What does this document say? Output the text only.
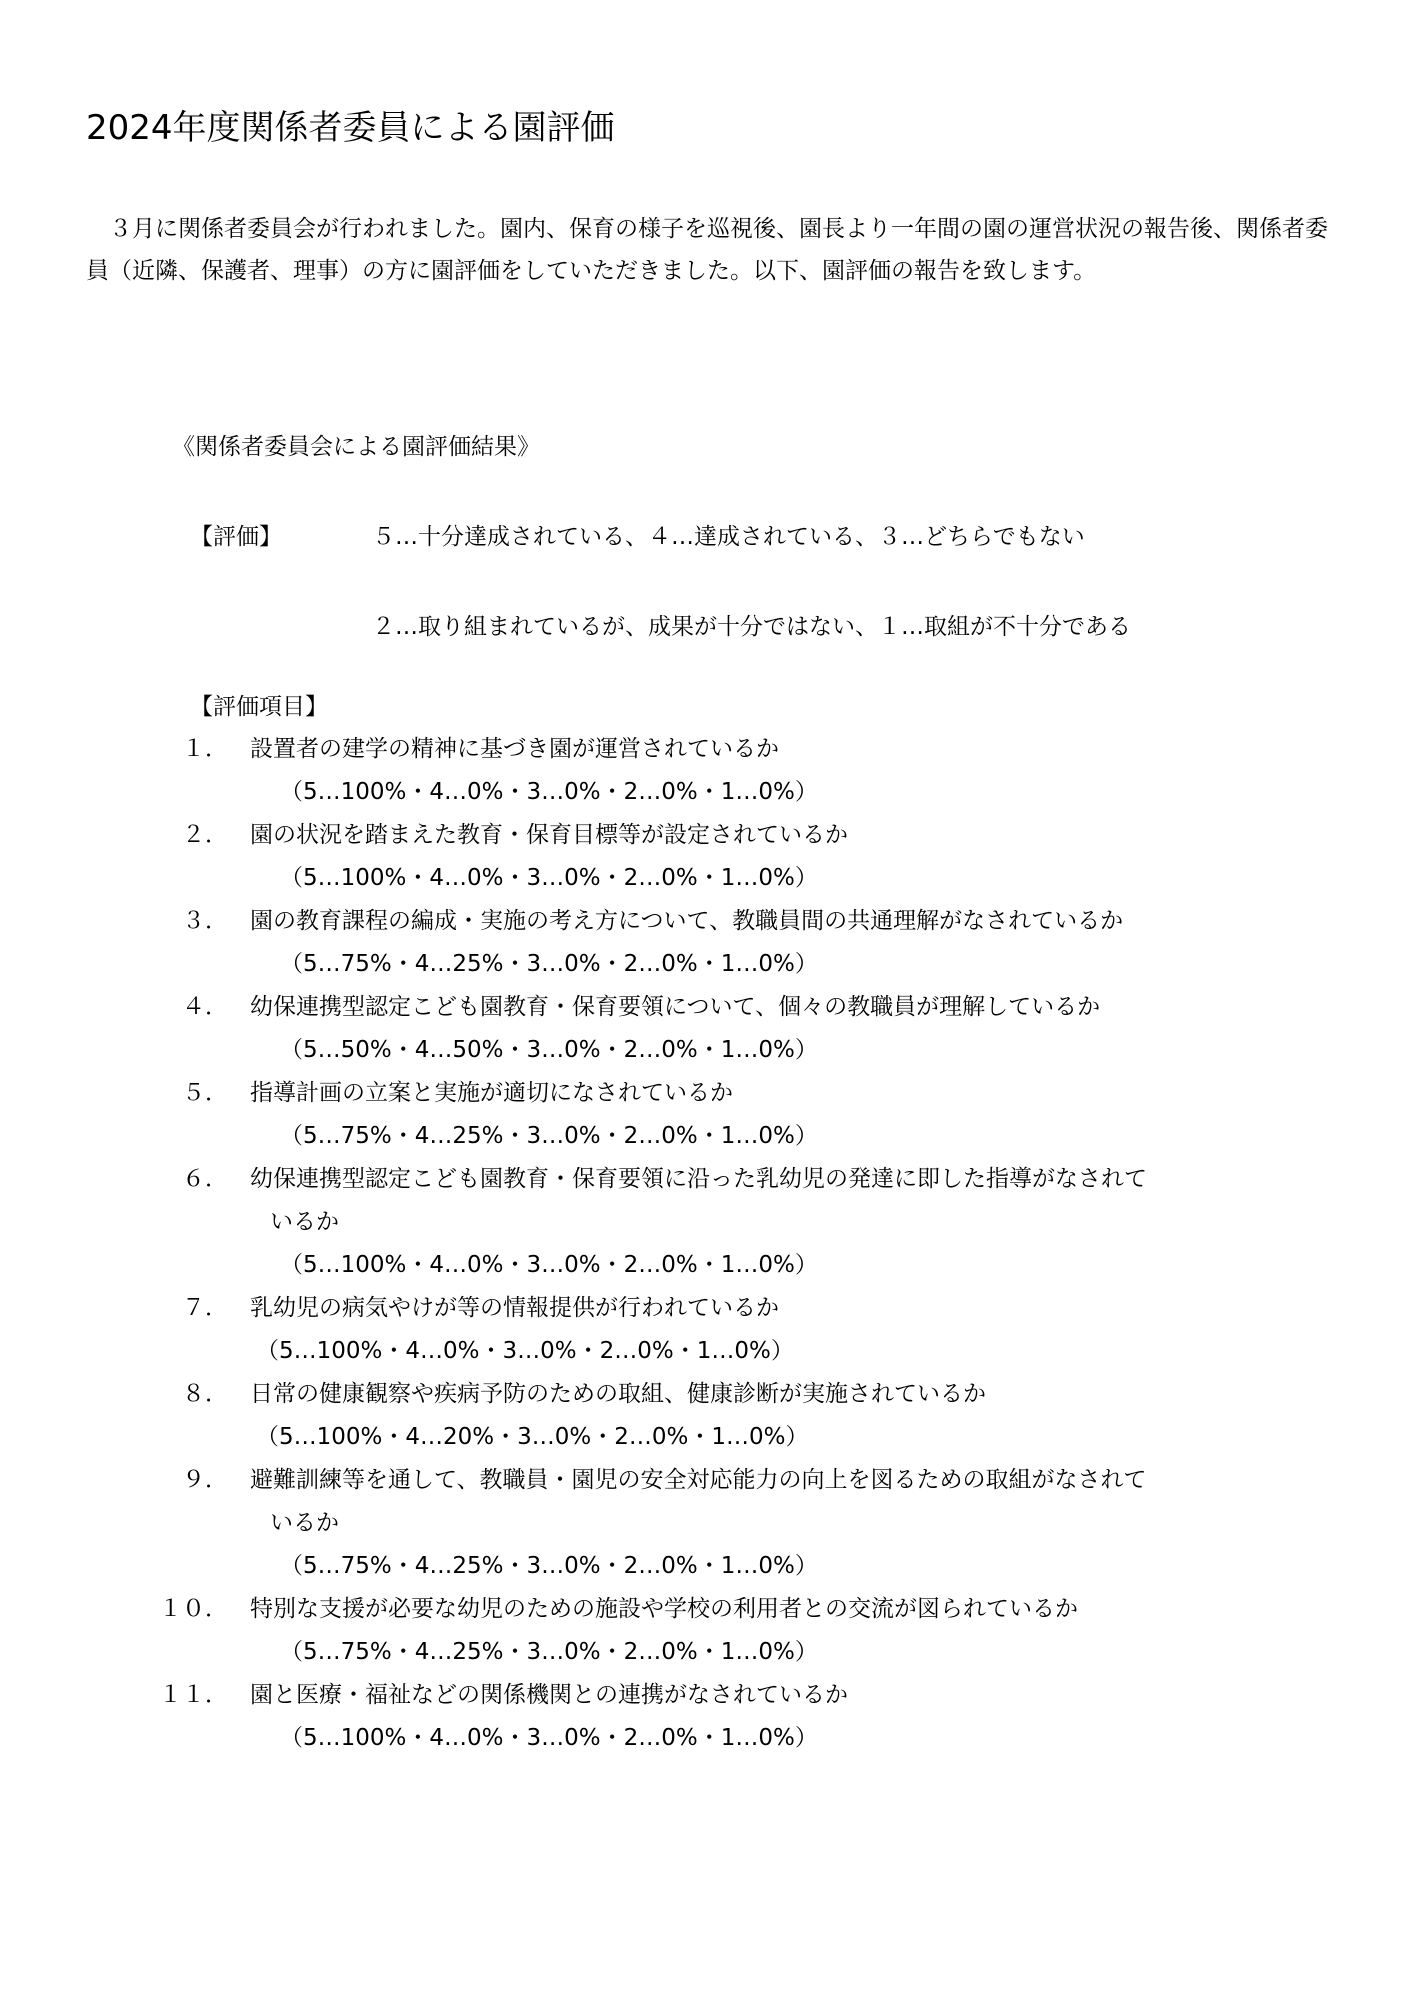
2024年度関係者委員による園評価
３月に関係者委員会が行われました。園内、保育の様子を巡視後、園長より一年間の園の運営状況の報告後、関係者委員（近隣、保護者、理事）の方に園評価をしていただきました。以下、園評価の報告を致します。
《関係者委員会による園評価結果》
【評価】	５…十分達成されている、４…達成されている、３…どちらでもない
２…取り組まれているが、成果が十分ではない、１…取組が不十分である
【評価項目】
１． 設置者の建学の精神に基づき園が運営されているか
（5…100%・4…0%・3…0%・2…0%・1…0%）
２． 園の状況を踏まえた教育・保育目標等が設定されているか
（5…100%・4…0%・3…0%・2…0%・1…0%）
３． 園の教育課程の編成・実施の考え方について、教職員間の共通理解がなされているか
（5…75%・4…25%・3…0%・2…0%・1…0%）
４． 幼保連携型認定こども園教育・保育要領について、個々の教職員が理解しているか
（5…50%・4…50%・3…0%・2…0%・1…0%）
５． 指導計画の立案と実施が適切になされているか
（5…75%・4…25%・3…0%・2…0%・1…0%）
６． 幼保連携型認定こども園教育・保育要領に沿った乳幼児の発達に即した指導がなされて
いるか
（5…100%・4…0%・3…0%・2…0%・1…0%）
７． 乳幼児の病気やけが等の情報提供が行われているか
（5…100%・4…0%・3…0%・2…0%・1…0%）
８． 日常の健康観察や疾病予防のための取組、健康診断が実施されているか
（5…100%・4…20%・3…0%・2…0%・1…0%）
９． 避難訓練等を通して、教職員・園児の安全対応能力の向上を図るための取組がなされて
いるか
（5…75%・4…25%・3…0%・2…0%・1…0%）
１０． 特別な支援が必要な幼児のための施設や学校の利用者との交流が図られているか
（5…75%・4…25%・3…0%・2…0%・1…0%）
１１． 園と医療・福祉などの関係機関との連携がなされているか
（5…100%・4…0%・3…0%・2…0%・1…0%）
